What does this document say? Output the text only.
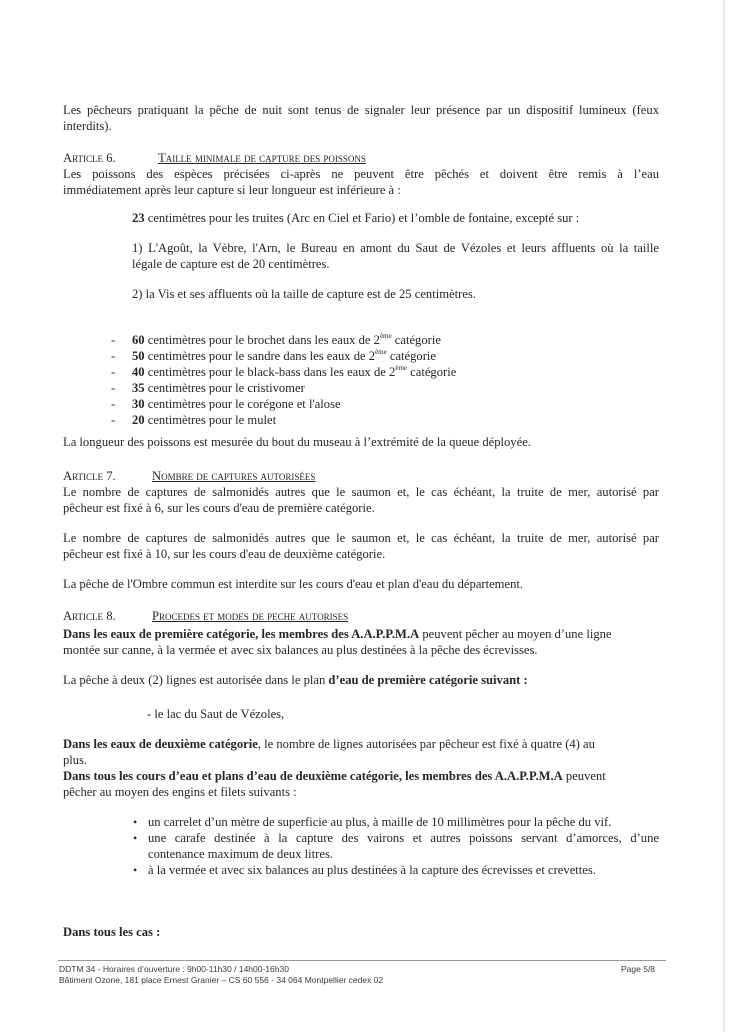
Les pêcheurs pratiquant la pêche de nuit sont tenus de signaler leur présence par un dispositif lumineux (feux
interdits).
Article 6.	Taille minimale de capture des poissons
Les poissons des espèces précisées ci-après ne peuvent être pêchés et doivent être remis à l’eau
immédiatement après leur capture si leur longueur est inférieure à :
23 centimètres pour les truites (Arc en Ciel et Fario) et l’omble de fontaine, excepté sur :
1) L'Agoût, la Vèbre, l'Arn, le Bureau en amont du Saut de Vézoles et leurs affluents où la taille
légale de capture est de 20 centimètres.
2) la Vis et ses affluents où la taille de capture est de 25 centimètres.
- 60 centimètres pour le brochet dans les eaux de 2ème catégorie
- 50 centimètres pour le sandre dans les eaux de 2ème catégorie
- 40 centimètres pour le black-bass dans les eaux de 2ème catégorie
- 35 centimètres pour le cristivomer
- 30 centimètres pour le corégone et l'alose
- 20 centimètres pour le mulet
La longueur des poissons est mesurée du bout du museau à l’extrémité de la queue déployée.
Article 7.	Nombre de captures autorisées
Le nombre de captures de salmonidés autres que le saumon et, le cas échéant, la truite de mer, autorisé par
pêcheur est fixé à 6, sur les cours d'eau de première catégorie.
Le nombre de captures de salmonidés autres que le saumon et, le cas échéant, la truite de mer, autorisé par
pêcheur est fixé à 10, sur les cours d'eau de deuxième catégorie.
La pêche de l'Ombre commun est interdite sur les cours d'eau et plan d'eau du département.
Article 8.	Procedes et modes de peche autorises
Dans les eaux de première catégorie, les membres des A.A.P.P.M.A peuvent pêcher au moyen d’une ligne
montée sur canne, à la vermée et avec six balances au plus destinées à la pêche des écrevisses.
La pêche à deux (2) lignes est autorisée dans le plan d’eau de première catégorie suivant :
- le lac du Saut de Vézoles,
Dans les eaux de deuxième catégorie, le nombre de lignes autorisées par pêcheur est fixé à quatre (4) au
plus.
Dans tous les cours d’eau et plans d’eau de deuxième catégorie, les membres des A.A.P.P.M.A peuvent
pêcher au moyen des engins et filets suivants :
• un carrelet d’un mètre de superficie au plus, à maille de 10 millimètres pour la pêche du vif.
• une carafe destinée à la capture des vairons et autres poissons servant d’amorces, d’une
contenance maximum de deux litres.
• à la vermée et avec six balances au plus destinées à la capture des écrevisses et crevettes.
Dans tous les cas :
DDTM 34 - Horaires d’ouverture : 9h00-11h30 / 14h00-16h30
Bâtiment Ozone, 181 place Ernest Granier – CS 60 556 - 34 064 Montpellier cedex 02
Page 5/8
